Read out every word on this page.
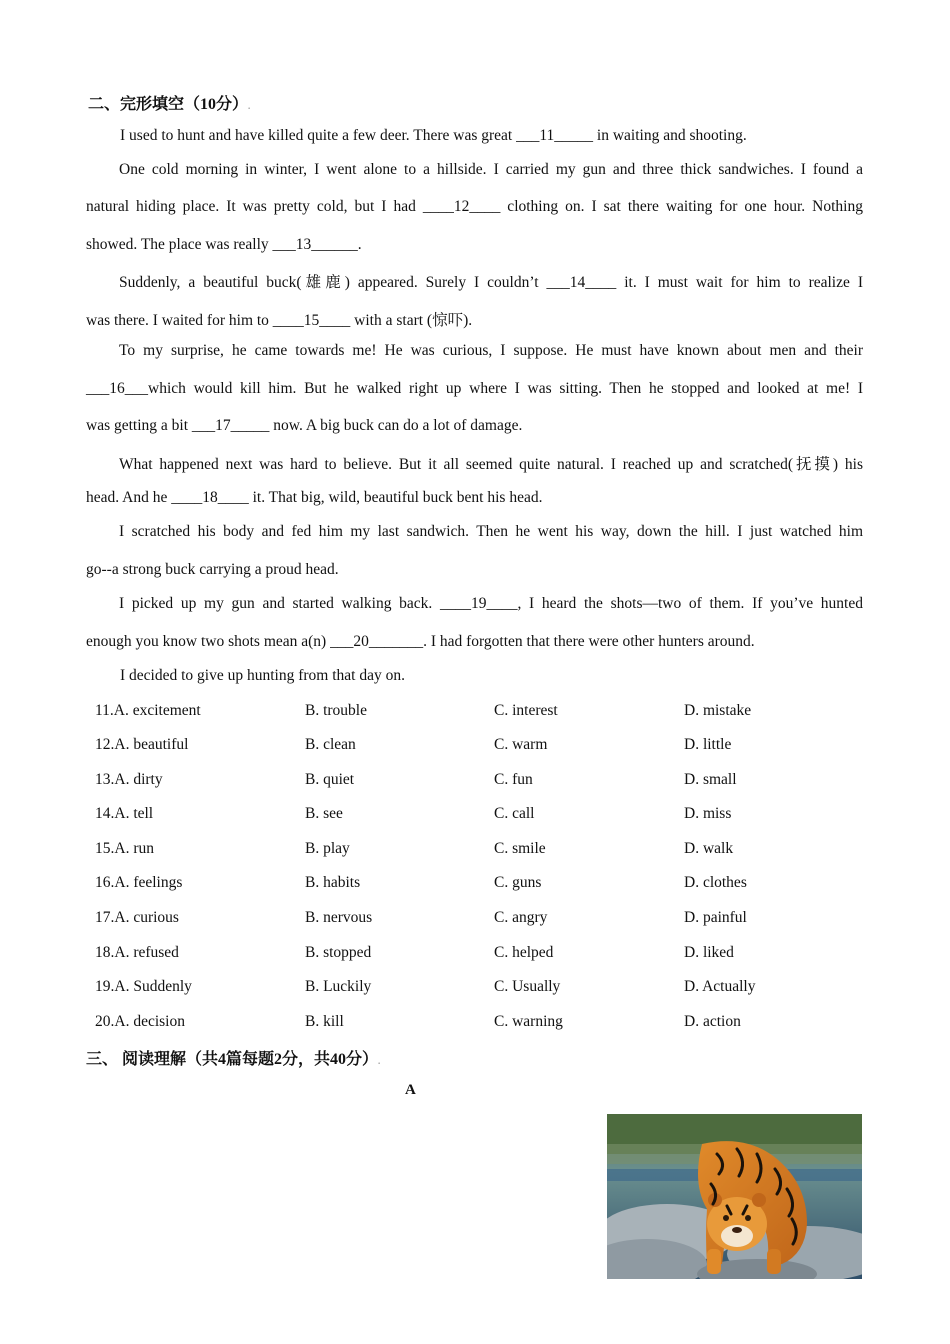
二、完形填空（10分）.
I used to hunt and have killed quite a few deer. There was great ___11_____ in waiting and shooting.
One cold morning in winter, I went alone to a hillside. I carried my gun and three thick sandwiches. I found a
natural hiding place. It was pretty cold, but I had ____12____ clothing on. I sat there waiting for one hour. Nothing
showed. The place was really ___13______.
Suddenly, a beautiful buck(雄鹿) appeared. Surely I couldn’t ___14____ it. I must wait for him to realize I
was there. I waited for him to ____15____ with a start (惊吓).
To my surprise, he came towards me! He was curious, I suppose. He must have known about men and their
___16___which would kill him. But he walked right up where I was sitting. Then he stopped and looked at me! I
was getting a bit ___17_____ now. A big buck can do a lot of damage.
What happened next was hard to believe. But it all seemed quite natural. I reached up and scratched(抚摸) his
head. And he ____18____ it. That big, wild, beautiful buck bent his head.
I scratched his body and fed him my last sandwich. Then he went his way, down the hill. I just watched him
go--a strong buck carrying a proud head.
I picked up my gun and started walking back. ____19____, I heard the shots—two of them. If you’ve hunted
enough you know two shots mean a(n) ___20_______. I had forgotten that there were other hunters around.
I decided to give up hunting from that day on.
11.A. excitement	B. trouble	C. interest	D. mistake
12.A. beautiful	B. clean	C. warm	D. little
13.A. dirty	B. quiet	C. fun	D. small
14.A. tell	B. see	C. call	D. miss
15.A. run	B. play	C. smile	D. walk
16.A. feelings	B. habits	C. guns	D. clothes
17.A. curious	B. nervous	C. angry	D. painful
18.A. refused	B. stopped	C. helped	D. liked
19.A. Suddenly	B. Luckily	C. Usually	D. Actually
20.A. decision	B. kill	C. warning	D. action
三、 阅读理解（共4篇每题2分，共40分）.
A
